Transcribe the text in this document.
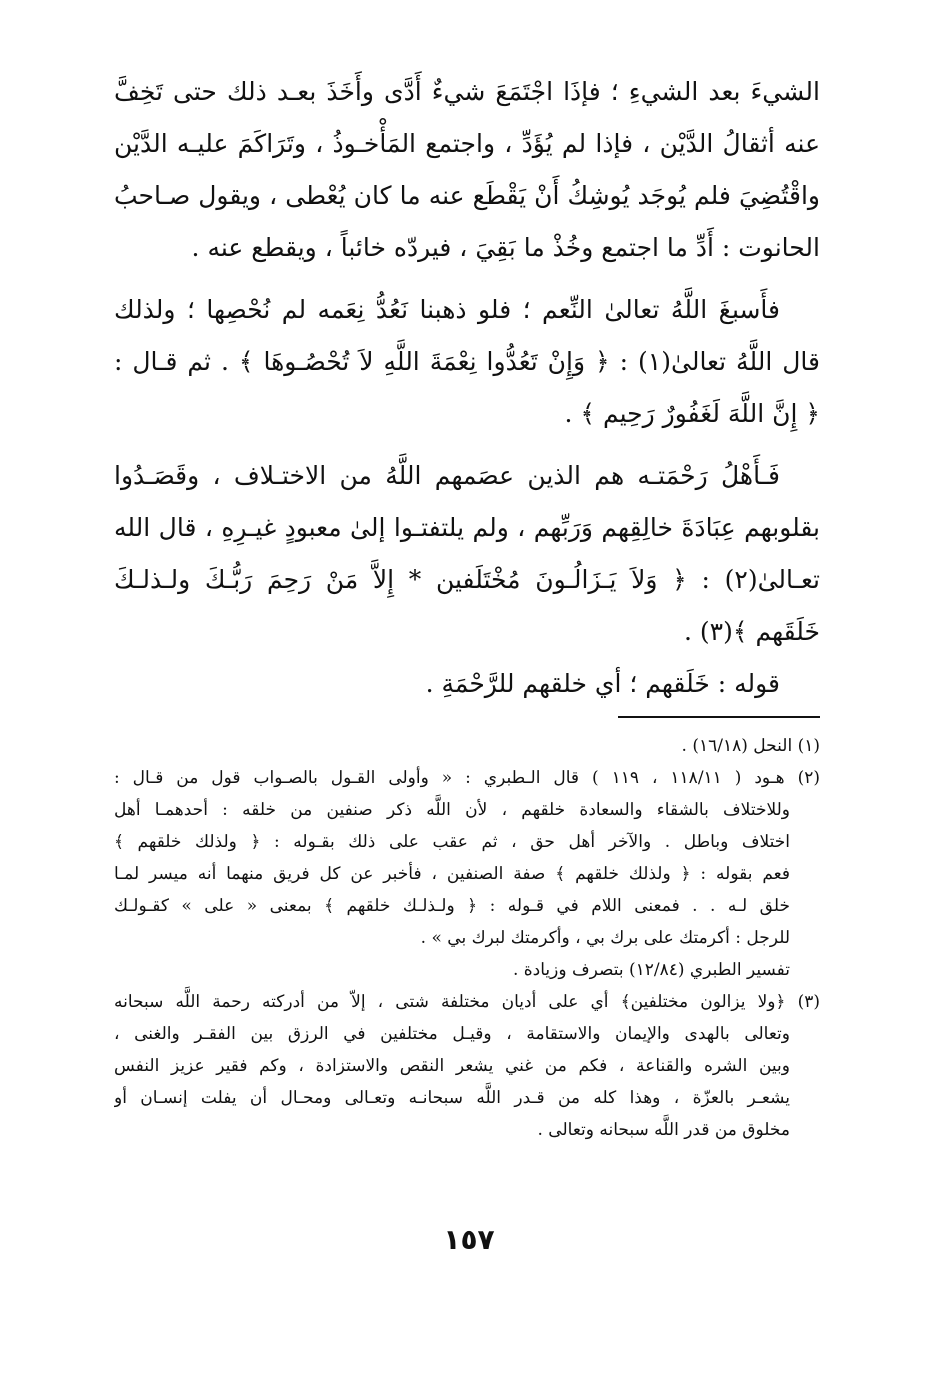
الشيءَ بعد الشيءِ ؛ فإذَا اجْتَمَعَ شيءٌ أَدَّى وأَخَذَ بعـد ذلك حتى تَخِفَّ
عنه أثقالُ الدَّيْن ، فإذا لم يُؤَدِّ ، واجتمع المَأْخـوذُ ، وتَرَاكَمَ عليـه الدَّيْن
واقْتُضِيَ فلم يُوجَد يُوشِكُ أَنْ يَقْطَع عنه ما كان يُعْطى ، ويقول صـاحبُ
الحانوت : أَدِّ ما اجتمع وخُذْ ما بَقِيَ ، فيردّه خائباً ، ويقطع عنه .
فأَسبغَ اللَّهُ تعالىٰ النِّعم ؛ فلو ذهبنا نَعُدُّ نِعَمه لم نُحْصِها ؛ ولذلك
قال اللَّهُ تعالىٰ(١) : ﴿ وَإِنْ تَعُدُّوا نِعْمَةَ اللَّهِ لاَ تُحْصُـوهَا ﴾ . ثم قـال :
﴿ إِنَّ اللَّهَ لَغَفُورٌ رَحِيم ﴾ .
فَـأَهْلُ رَحْمَتـه هم الذين عصَمهم اللَّهُ من الاختـلاف ، وقَصَـدُوا
بقلوبهم عِبَادَةَ خالِقِهم وَرَبِّهم ، ولم يلتفتـوا إلىٰ معبودٍ غيـرِهِ ، قال الله
تعـالىٰ(٢) : ﴿ وَلاَ يَـزَالُـونَ مُخْتَلَفين * إِلاَّ مَنْ رَحِمَ رَبُّـكَ ولـذلـكَ
خَلَقَهم ﴾(٣) .
قوله : خَلَقهم ؛ أي خلقهم للرَّحْمَةِ .
(١) النحل (١٦/١٨) .
(٢) هـود ( ١١٨/١١ ، ١١٩ ) قال الـطبري : « وأولى القـول بالصـواب قول من قـال :
وللاختلاف بالشقاء والسعادة خلقهم ، لأن اللَّه ذكر صنفين من خلقه : أحدهمـا أهل
اختلاف وباطل . والآخر أهل حق ، ثم عقب على ذلك بقـوله : ﴿ ولذلك خلقهم ﴾
فعم بقوله : ﴿ ولذلك خلقهم ﴾ صفة الصنفين ، فأخبر عن كل فريق منهما أنه ميسر لمـا
خلق لـه . . فمعنى اللام في قـوله : ﴿ ولـذلـك خلقهم ﴾ بمعنى « على » كقـولـك
للرجل : أكرمتك على برك بي ، وأكرمتك لبرك بي » .
تفسير الطبري (١٢/٨٤) بتصرف وزيادة .
(٣) ﴿ولا يزالون مختلفين﴾ أي على أديان مختلفة شتى ، إلاّ من أدركته رحمة اللَّه سبحانه
وتعالى بالهدى والإيمان والاستقامة ، وقيـل مختلفين في الرزق بين الفقـر والغنى ،
وبين الشره والقناعة ، فكم من غني يشعر النقص والاستزادة ، وكم فقير عزيز النفس
يشعـر بالعزّة ، وهذا كله من قـدر اللَّه سبحانـه وتعـالى ومحـال أن يفلت إنسـان أو
مخلوق من قدر اللَّه سبحانه وتعالى .
١٥٧
